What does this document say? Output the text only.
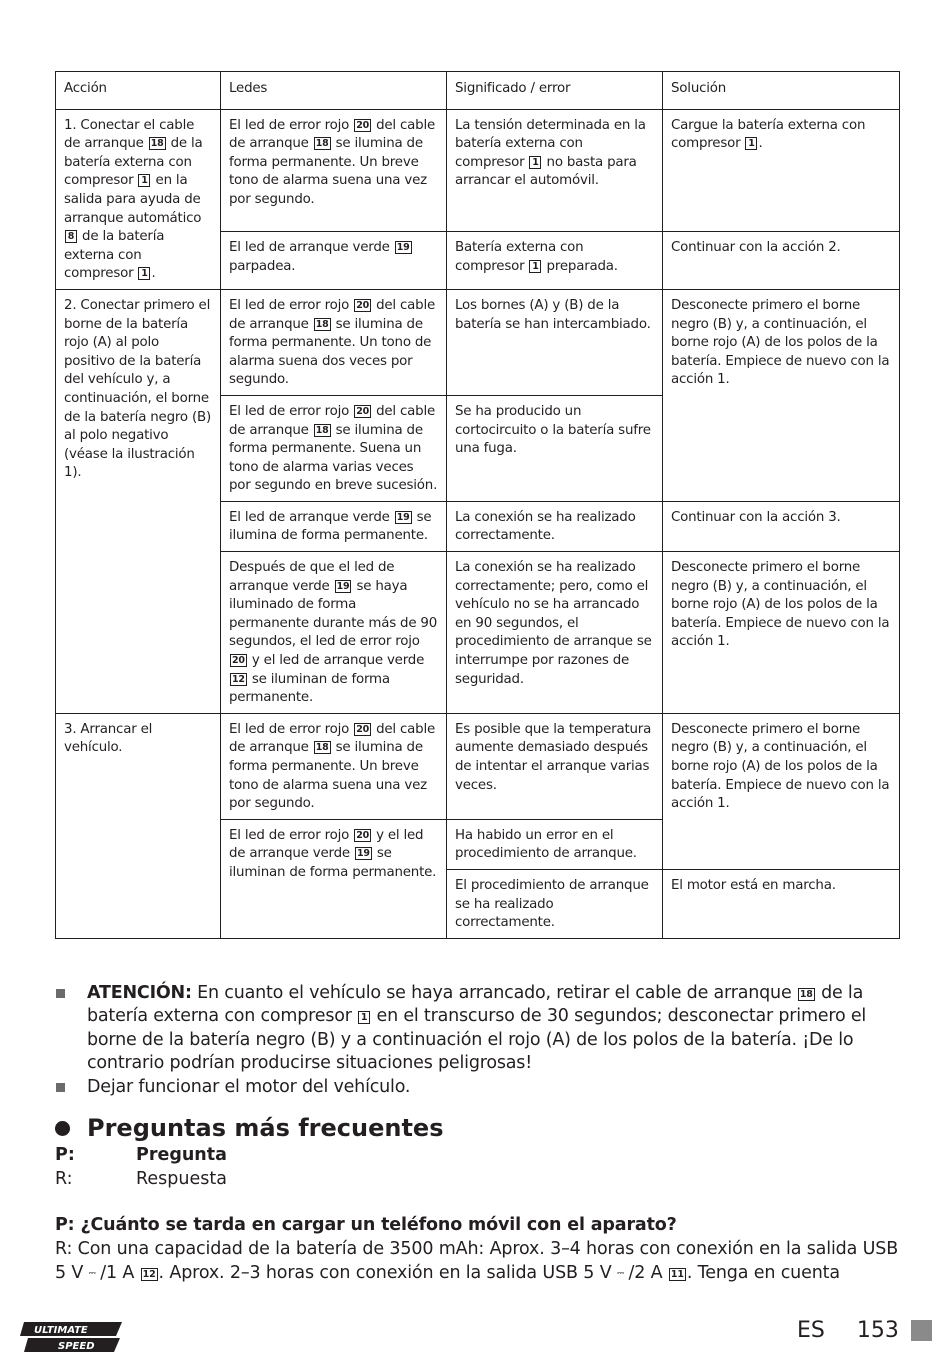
Acción	Ledes	Significado / error	Solución
1. Conectar el cable de arranque 18 de la batería externa con compresor 1 en la salida para ayuda de arranque automático 8 de la batería externa con compresor 1 .	El led de error rojo 20 del cable de arranque 18 se ilumina de forma permanente. Un breve tono de alarma suena una vez por segundo.	La tensión determinada en la batería externa con compresor 1 no basta para arrancar el automóvil.	Cargue la batería externa con compresor 1 .
	El led de arranque verde 19 parpadea.	Batería externa con compresor 1 preparada.	Continuar con la acción 2.
2. Conectar primero el borne de la batería rojo (A) al polo positivo de la batería del vehículo y, a continuación, el borne de la batería negro (B) al polo negativo (véase la ilustración 1).	El led de error rojo 20 del cable de arranque 18 se ilumina de forma permanente. Un tono de alarma suena dos veces por segundo.	Los bornes (A) y (B) de la batería se han intercambiado.	Desconecte primero el borne negro (B) y, a continuación, el borne rojo (A) de los polos de la batería. Empiece de nuevo con la acción 1.
	El led de error rojo 20 del cable de arranque 18 se ilumina de forma permanente. Suena un tono de alarma varias veces por segundo en breve sucesión.	Se ha producido un cortocircuito o la batería sufre una fuga.	
	El led de arranque verde 19 se ilumina de forma permanente.	La conexión se ha realizado correctamente.	Continuar con la acción 3.
	Después de que el led de arranque verde 19 se haya iluminado de forma permanente durante más de 90 segundos, el led de error rojo 20 y el led de arranque verde 12 se iluminan de forma permanente.	La conexión se ha realizado correctamente; pero, como el vehículo no se ha arrancado en 90 segundos, el procedimiento de arranque se interrumpe por razones de seguridad.	Desconecte primero el borne negro (B) y, a continuación, el borne rojo (A) de los polos de la batería. Empiece de nuevo con la acción 1.
3. Arrancar el vehículo.	El led de error rojo 20 del cable de arranque 18 se ilumina de forma permanente. Un breve tono de alarma suena una vez por segundo.	Es posible que la temperatura aumente demasiado después de intentar el arranque varias veces.	Desconecte primero el borne negro (B) y, a continuación, el borne rojo (A) de los polos de la batería. Empiece de nuevo con la acción 1.
	El led de error rojo 20 y el led de arranque verde 19 se iluminan de forma permanente.	Ha habido un error en el procedimiento de arranque.	
		El procedimiento de arranque se ha realizado correctamente.	El motor está en marcha.
ATENCIÓN: En cuanto el vehículo se haya arrancado, retirar el cable de arranque 18 de la batería externa con compresor 1 en el transcurso de 30 segundos; desconectar primero el borne de la batería negro (B) y a continuación el rojo (A) de los polos de la batería. ¡De lo contrario podrían producirse situaciones peligrosas!
Dejar funcionar el motor del vehículo.
Preguntas más frecuentes
P:	Pregunta
R:	Respuesta
P: ¿Cuánto se tarda en cargar un teléfono móvil con el aparato?
R: Con una capacidad de la batería de 3500 mAh: Aprox. 3–4 horas con conexión en la salida USB 5 V ⎓ /1 A 12 . Aprox. 2–3 horas con conexión en la salida USB 5 V ⎓ /2 A 11 . Tenga en cuenta
ULTIMATE
SPEED
ES 153
